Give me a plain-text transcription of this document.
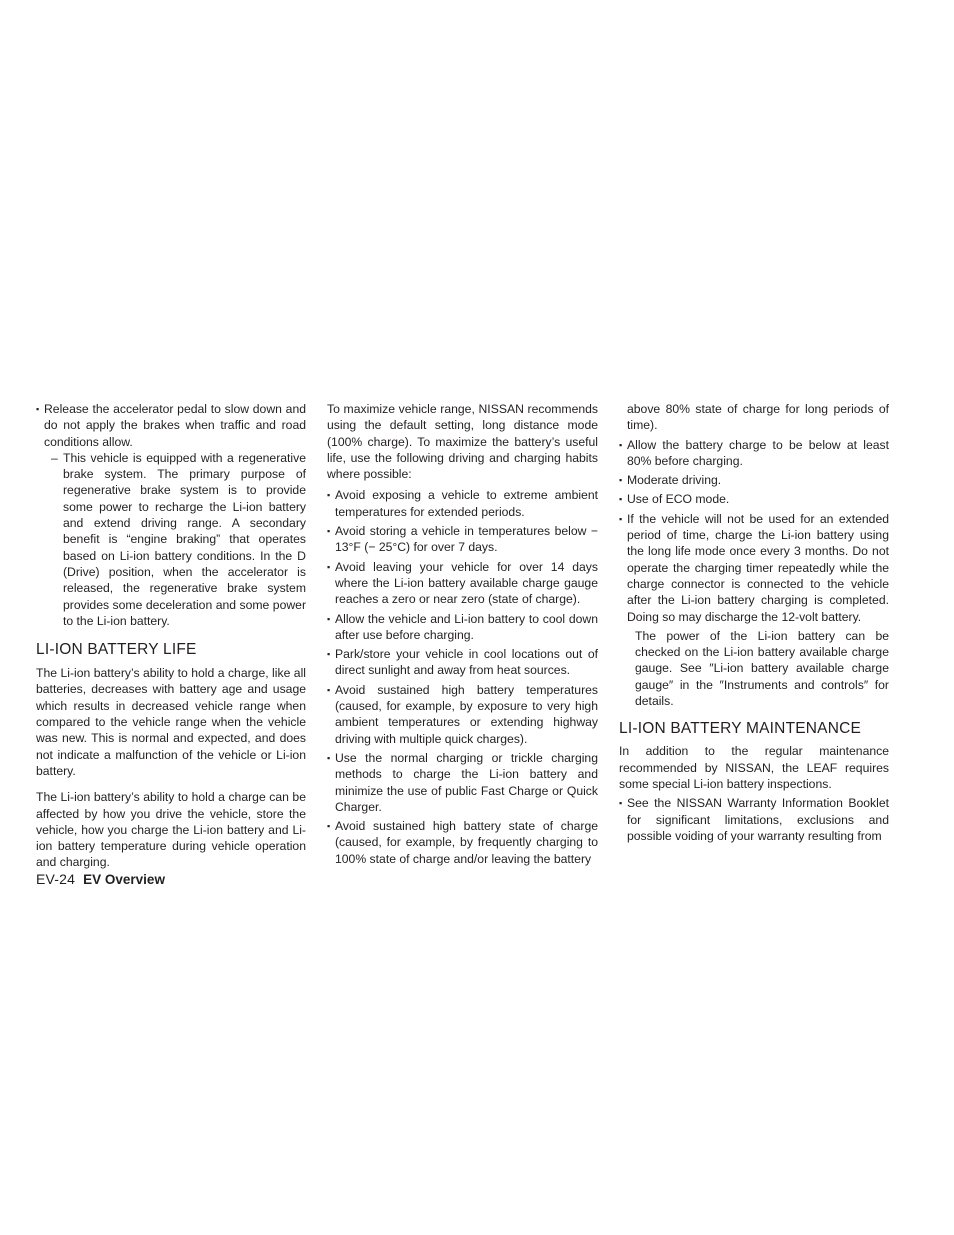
▪ Release the accelerator pedal to slow down and do not apply the brakes when traffic and road conditions allow.
– This vehicle is equipped with a regenerative brake system. The primary purpose of regenerative brake system is to provide some power to recharge the Li-ion battery and extend driving range. A secondary benefit is “engine braking” that operates based on Li-ion battery conditions. In the D (Drive) position, when the accelerator is released, the regenerative brake system provides some deceleration and some power to the Li-ion battery.
LI-ION BATTERY LIFE

The Li-ion battery’s ability to hold a charge, like all batteries, decreases with battery age and usage which results in decreased vehicle range when compared to the vehicle range when the vehicle was new. This is normal and expected, and does not indicate a malfunction of the vehicle or Li-ion battery.

The Li-ion battery’s ability to hold a charge can be affected by how you drive the vehicle, store the vehicle, how you charge the Li-ion battery and Li-ion battery temperature during vehicle operation and charging.

To maximize vehicle range, NISSAN recommends using the default setting, long distance mode (100% charge). To maximize the battery’s useful life, use the following driving and charging habits where possible:

▪ Avoid exposing a vehicle to extreme ambient temperatures for extended periods.
▪ Avoid storing a vehicle in temperatures below − 13°F (− 25°C) for over 7 days.
▪ Avoid leaving your vehicle for over 14 days where the Li-ion battery available charge gauge reaches a zero or near zero (state of charge).
▪ Allow the vehicle and Li-ion battery to cool down after use before charging.
▪ Park/store your vehicle in cool locations out of direct sunlight and away from heat sources.
▪ Avoid sustained high battery temperatures (caused, for example, by exposure to very high ambient temperatures or extending highway driving with multiple quick charges).
▪ Use the normal charging or trickle charging methods to charge the Li-ion battery and minimize the use of public Fast Charge or Quick Charger.
▪ Avoid sustained high battery state of charge (caused, for example, by frequently charging to 100% state of charge and/or leaving the battery

above 80% state of charge for long periods of time).

▪ Allow the battery charge to be below at least 80% before charging.
▪ Moderate driving.
▪ Use of ECO mode.
▪ If the vehicle will not be used for an extended period of time, charge the Li-ion battery using the long life mode once every 3 months. Do not operate the charging timer repeatedly while the charge connector is connected to the vehicle after the Li-ion battery charging is completed. Doing so may discharge the 12-volt battery.

The power of the Li-ion battery can be checked on the Li-ion battery available charge gauge. See ″Li-ion battery available charge gauge″ in the ″Instruments and controls″ for details.

LI-ION BATTERY MAINTENANCE

In addition to the regular maintenance recommended by NISSAN, the LEAF requires some special Li-ion battery inspections.

▪ See the NISSAN Warranty Information Booklet for significant limitations, exclusions and possible voiding of your warranty resulting from
EV-24 EV Overview
